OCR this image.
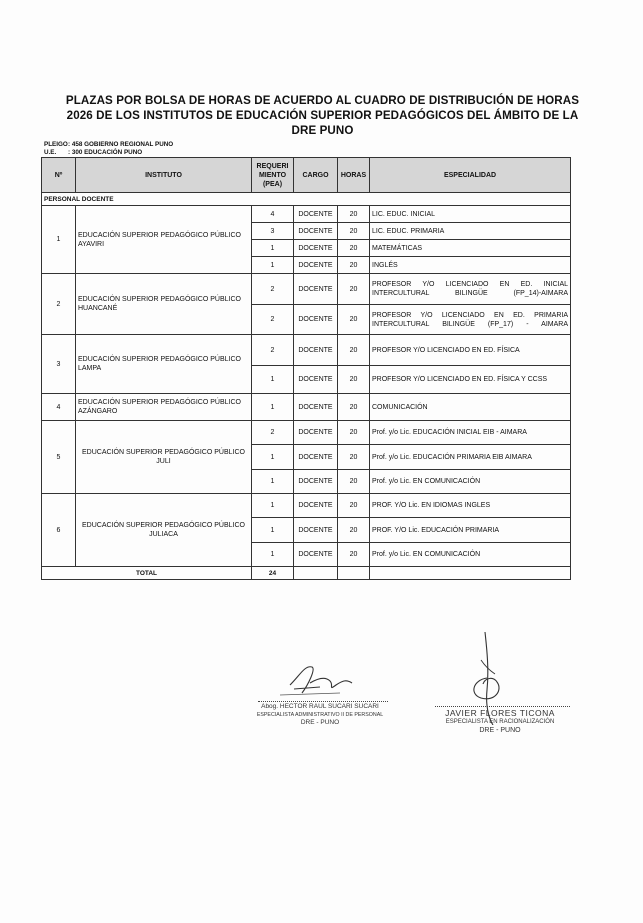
PLAZAS POR BOLSA DE HORAS DE ACUERDO AL CUADRO DE DISTRIBUCIÓN DE HORAS 2026 DE LOS INSTITUTOS DE EDUCACIÓN SUPERIOR PEDAGÓGICOS DEL ÁMBITO DE LA DRE PUNO
PLEIGO: 458 GOBIERNO REGIONAL PUNO
U.E. : 300 EDUCACIÓN PUNO
Nº	INSTITUTO	REQUERIMIENTO (PEA)	CARGO	HORAS	ESPECIALIDAD
PERSONAL DOCENTE					
1	EDUCACIÓN SUPERIOR PEDAGÓGICO PÚBLICO AYAVIRI	4	DOCENTE	20	LIC. EDUC. INICIAL
		3	DOCENTE	20	LIC. EDUC. PRIMARIA
		1	DOCENTE	20	MATEMÁTICAS
		1	DOCENTE	20	INGLÉS
2	EDUCACIÓN SUPERIOR PEDAGÓGICO PÚBLICO HUANCANÉ	2	DOCENTE	20	PROFESOR Y/O LICENCIADO EN ED. INICIAL INTERCULTURAL BILINGÜE (FP_14)-AIMARA
		2	DOCENTE	20	PROFESOR Y/O LICENCIADO EN ED. PRIMARIA INTERCULTURAL BILINGÜE (FP_17) - AIMARA
3	EDUCACIÓN SUPERIOR PEDAGÓGICO PÚBLICO LAMPA	2	DOCENTE	20	PROFESOR Y/O LICENCIADO EN ED. FÍSICA
		1	DOCENTE	20	PROFESOR Y/O LICENCIADO EN ED. FÍSICA Y CCSS
4	EDUCACIÓN SUPERIOR PEDAGÓGICO PÚBLICO AZÁNGARO	1	DOCENTE	20	COMUNICACIÓN
5	EDUCACIÓN SUPERIOR PEDAGÓGICO PÚBLICO JULI	2	DOCENTE	20	Prof. y/o Lic. EDUCACIÓN INICIAL EIB - AIMARA
		1	DOCENTE	20	Prof. y/o Lic. EDUCACIÓN PRIMARIA EIB AIMARA
		1	DOCENTE	20	Prof. y/o Lic. EN COMUNICACIÓN
6	EDUCACIÓN SUPERIOR PEDAGÓGICO PÚBLICO JULIACA	1	DOCENTE	20	PROF. Y/O Lic. EN IDIOMAS INGLES
		1	DOCENTE	20	PROF. Y/O Lic. EDUCACIÓN PRIMARIA
		1	DOCENTE	20	Prof. y/o Lic. EN COMUNICACIÓN
TOTAL		24			
Abog. HECTOR RAUL SUCARI SUCARI
ESPECIALISTA ADMINISTRATIVO II DE PERSONAL
DRE - PUNO
JAVIER FLORES TICONA
ESPECIALISTA EN RACIONALIZACIÓN
DRE - PUNO
